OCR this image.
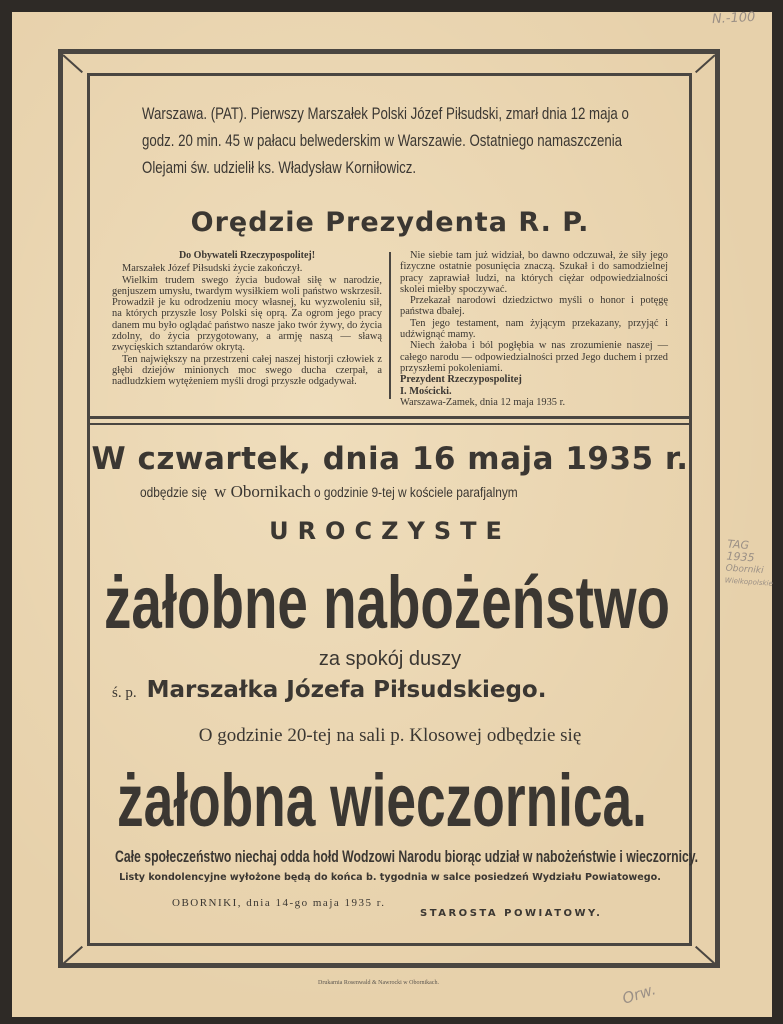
N.-100
TAG
1935
Oborniki
Wielkopolskie
Orw.
Warszawa. (PAT). Pierwszy Marszałek Polski Józef Piłsudski, zmarł dnia 12 maja o godz. 20 min. 45 w pałacu belwederskim w Warszawie. Ostatniego namaszczenia Olejami św. udzielił ks. Władysław Korniłowicz.
Orędzie Prezydenta R. P.

Do Obywateli Rzeczypospolitej!

Marszałek Józef Piłsudski życie zakończył.

Wielkim trudem swego życia budował siłę w narodzie, genjuszem umysłu, twardym wysiłkiem woli państwo wskrzesił. Prowadził je ku odrodzeniu mocy własnej, ku wyzwoleniu sił, na których przyszłe losy Polski się oprą. Za ogrom jego pracy danem mu było oglądać państwo nasze jako twór żywy, do życia zdolny, do życia przygotowany, a armję naszą — sławą zwycięskich sztandarów okrytą.

Ten największy na przestrzeni całej naszej historji człowiek z głębi dziejów minionych moc swego ducha czerpał, a nadludzkiem wytężeniem myśli drogi przyszłe odgadywał.

Nie siebie tam już widział, bo dawno odczuwał, że siły jego fizyczne ostatnie posunięcia znaczą. Szukał i do samodzielnej pracy zaprawiał ludzi, na których ciężar odpowiedzialności skolei miełby spoczywać.

Przekazał narodowi dziedzictwo myśli o honor i potęgę państwa dbałej.

Ten jego testament, nam żyjącym przekazany, przyjąć i udźwignąć mamy.

Niech żałoba i ból pogłębia w nas zrozumienie naszej — całego narodu — odpowiedzialności przed Jego duchem i przed przyszłemi pokoleniami.

Prezydent Rzeczypospolitej

I. Mościcki.

Warszawa-Zamek, dnia 12 maja 1935 r.

W czwartek, dnia 16 maja 1935 r.
odbędzie się w Obornikach o godzinie 9-tej w kościele parafjalnym
UROCZYSTE
żałobne nabożeństwo
za spokój duszy
ś. p. Marszałka Józefa Piłsudskiego.
O godzinie 20-tej na sali p. Klosowej odbędzie się
żałobna wieczornica.
Całe społeczeństwo niechaj odda hołd Wodzowi Narodu biorąc udział w nabożeństwie i wieczornicy.
Listy kondolencyjne wyłożone będą do końca b. tygodnia w salce posiedzeń Wydziału Powiatowego.
OBORNIKI, dnia 14-go maja 1935 r.
STAROSTA POWIATOWY.
Drukarnia Rosenwald & Nawrocki w Obornikach.
